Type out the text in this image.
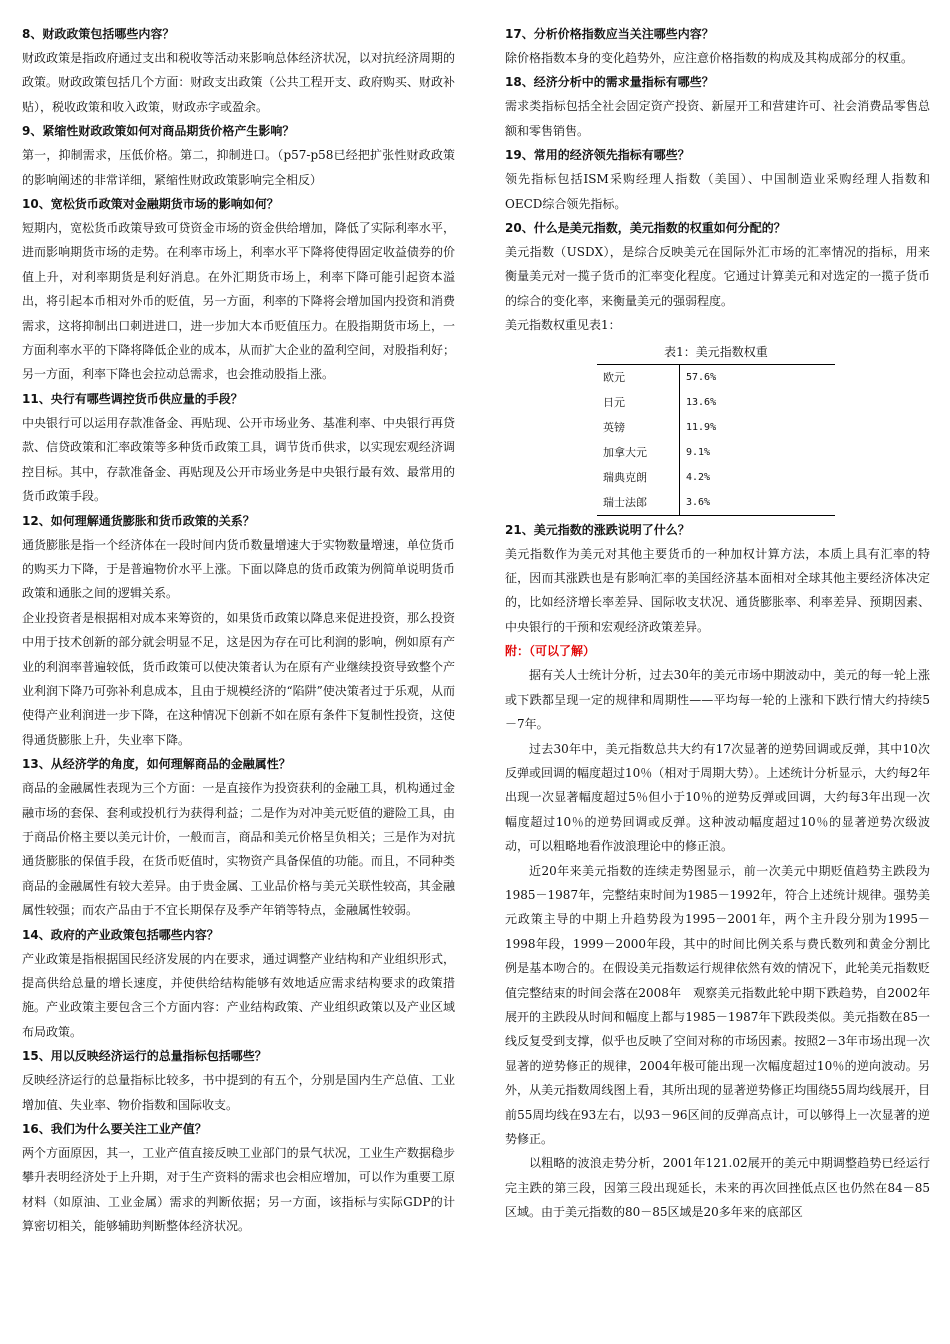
8、财政政策包括哪些内容？

财政政策是指政府通过支出和税收等活动来影响总体经济状况，以对抗经济周期的政策。财政政策包括几个方面：财政支出政策（公共工程开支、政府购买、财政补贴），税收政策和收入政策，财政赤字或盈余。

9、紧缩性财政政策如何对商品期货价格产生影响？

第一，抑制需求，压低价格。第二，抑制进口。（p57-p58已经把扩张性财政政策的影响阐述的非常详细，紧缩性财政政策影响完全相反）

10、宽松货币政策对金融期货市场的影响如何？

短期内，宽松货币政策导致可贷资金市场的资金供给增加，降低了实际利率水平，进而影响期货市场的走势。在利率市场上，利率水平下降将使得固定收益债券的价值上升，对利率期货是利好消息。在外汇期货市场上，利率下降可能引起资本溢出，将引起本币相对外币的贬值，另一方面，利率的下降将会增加国内投资和消费需求，这将抑制出口刺进进口，进一步加大本币贬值压力。在股指期货市场上，一方面利率水平的下降将降低企业的成本，从而扩大企业的盈利空间，对股指利好；另一方面，利率下降也会拉动总需求，也会推动股指上涨。

11、央行有哪些调控货币供应量的手段？

中央银行可以运用存款准备金、再贴现、公开市场业务、基准利率、中央银行再贷款、信贷政策和汇率政策等多种货币政策工具，调节货币供求，以实现宏观经济调控目标。其中，存款准备金、再贴现及公开市场业务是中央银行最有效、最常用的货币政策手段。

12、如何理解通货膨胀和货币政策的关系？

通货膨胀是指一个经济体在一段时间内货币数量增速大于实物数量增速，单位货币的购买力下降，于是普遍物价水平上涨。下面以降息的货币政策为例简单说明货币政策和通胀之间的逻辑关系。

企业投资者是根据相对成本来筹资的，如果货币政策以降息来促进投资，那么投资中用于技术创新的部分就会明显不足，这是因为存在可比利润的影响，例如原有产业的利润率普遍较低，货币政策可以使决策者认为在原有产业继续投资导致整个产业利润下降乃可弥补利息成本，且由于规模经济的“陷阱”使决策者过于乐观，从而使得产业利润进一步下降，在这种情况下创新不如在原有条件下复制性投资，这使得通货膨胀上升，失业率下降。

13、从经济学的角度，如何理解商品的金融属性？

商品的金融属性表现为三个方面：一是直接作为投资获利的金融工具，机构通过金融市场的套保、套利或投机行为获得利益；二是作为对冲美元贬值的避险工具，由于商品价格主要以美元计价，一般而言，商品和美元价格呈负相关；三是作为对抗通货膨胀的保值手段，在货币贬值时，实物资产具备保值的功能。而且，不同种类商品的金融属性有较大差异。由于贵金属、工业品价格与美元关联性较高，其金融属性较强；而农产品由于不宜长期保存及季产年销等特点，金融属性较弱。

14、政府的产业政策包括哪些内容？

产业政策是指根据国民经济发展的内在要求，通过调整产业结构和产业组织形式，提高供给总量的增长速度，并使供给结构能够有效地适应需求结构要求的政策措施。产业政策主要包含三个方面内容：产业结构政策、产业组织政策以及产业区域布局政策。

15、用以反映经济运行的总量指标包括哪些？

反映经济运行的总量指标比较多，书中提到的有五个，分别是国内生产总值、工业增加值、失业率、物价指数和国际收支。

16、我们为什么要关注工业产值？

两个方面原因，其一，工业产值直接反映工业部门的景气状况，工业生产数据稳步攀升表明经济处于上升期，对于生产资料的需求也会相应增加，可以作为重要工原材料（如原油、工业金属）需求的判断依据；另一方面，该指标与实际GDP的计算密切相关，能够辅助判断整体经济状况。

17、分析价格指数应当关注哪些内容？

除价格指数本身的变化趋势外，应注意价格指数的构成及其构成部分的权重。

18、经济分析中的需求量指标有哪些？

需求类指标包括全社会固定资产投资、新屋开工和营建许可、社会消费品零售总额和零售销售。

19、常用的经济领先指标有哪些？

领先指标包括ISM采购经理人指数（美国）、中国制造业采购经理人指数和OECD综合领先指标。

20、什么是美元指数，美元指数的权重如何分配的？

美元指数（USDX），是综合反映美元在国际外汇市场的汇率情况的指标，用来衡量美元对一揽子货币的汇率变化程度。它通过计算美元和对选定的一揽子货币的综合的变化率，来衡量美元的强弱程度。

美元指数权重见表1：

表1：美元指数权重
欧元	57.6%
日元	13.6%
英镑	11.9%
加拿大元	9.1%
瑞典克朗	4.2%
瑞士法郎	3.6%

21、美元指数的涨跌说明了什么？

美元指数作为美元对其他主要货币的一种加权计算方法，本质上具有汇率的特征，因而其涨跌也是有影响汇率的美国经济基本面相对全球其他主要经济体决定的，比如经济增长率差异、国际收支状况、通货膨胀率、利率差异、预期因素、中央银行的干预和宏观经济政策差异。

附：（可以了解）

据有关人士统计分析，过去30年的美元市场中期波动中，美元的每一轮上涨或下跌都呈现一定的规律和周期性——平均每一轮的上涨和下跌行情大约持续5－7年。

过去30年中，美元指数总共大约有17次显著的逆势回调或反弹，其中10次反弹或回调的幅度超过10％（相对于周期大势）。上述统计分析显示，大约每2年出现一次显著幅度超过5％但小于10％的逆势反弹或回调，大约每3年出现一次幅度超过10％的逆势回调或反弹。这种波动幅度超过10％的显著逆势次级波动，可以粗略地看作波浪理论中的修正浪。

近20年来美元指数的连续走势图显示，前一次美元中期贬值趋势主跌段为1985－1987年，完整结束时间为1985－1992年，符合上述统计规律。强势美元政策主导的中期上升趋势段为1995－2001年，两个主升段分别为1995－1998年段，1999－2000年段，其中的时间比例关系与费氏数列和黄金分割比例是基本吻合的。在假设美元指数运行规律依然有效的情况下，此轮美元指数贬值完整结束的时间会落在2008年　观察美元指数此轮中期下跌趋势，自2002年展开的主跌段从时间和幅度上都与1985－1987年下跌段类似。美元指数在85一线反复受到支撑，似乎也反映了空间对称的市场因素。按照2－3年市场出现一次显著的逆势修正的规律，2004年极可能出现一次幅度超过10％的逆向波动。另外，从美元指数周线图上看，其所出现的显著逆势修正均围绕55周均线展开，目前55周均线在93左右，以93－96区间的反弹高点计，可以够得上一次显著的逆势修正。

以粗略的波浪走势分析，2001年121.02展开的美元中期调整趋势已经运行完主跌的第三段，因第三段出现延长，未来的再次回挫低点区也仍然在84－85区域。由于美元指数的80－85区域是20多年来的底部区
